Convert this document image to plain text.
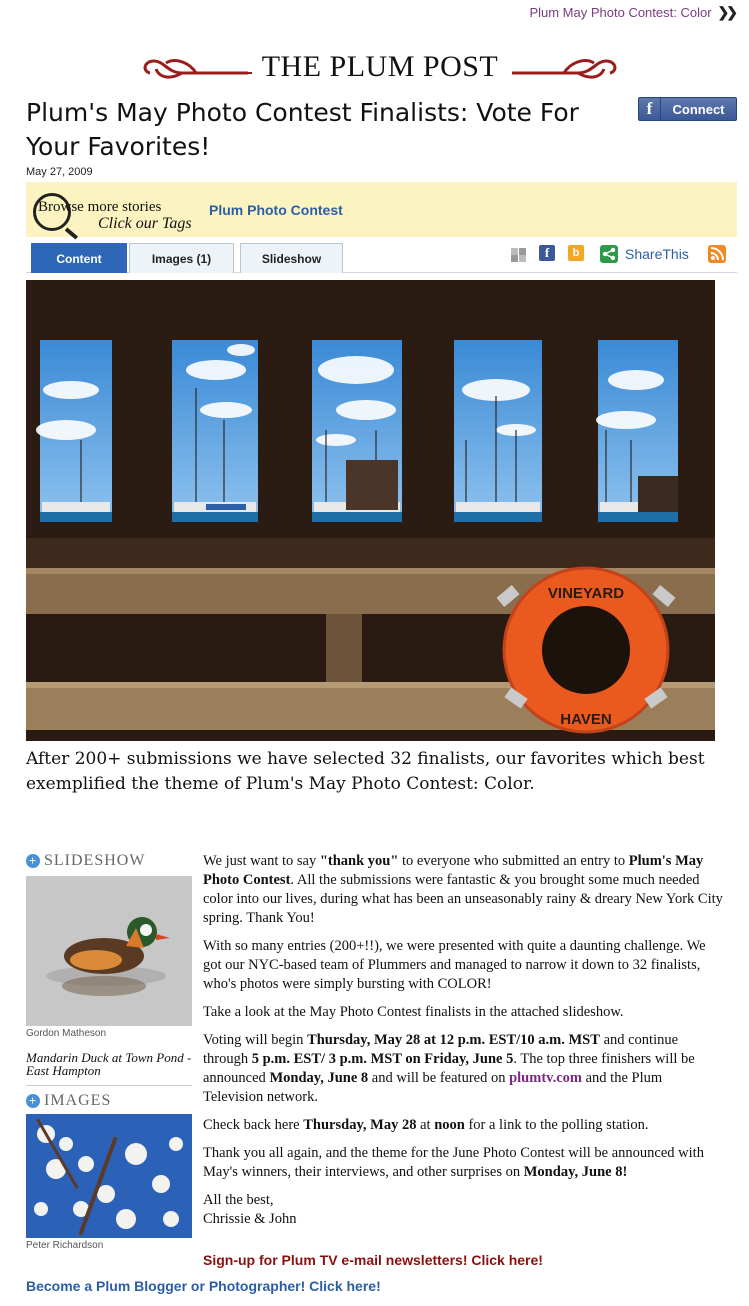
Plum May Photo Contest: Color ❯❯
THE PLUM POST
f	Connect
Plum's May Photo Contest Finalists: Vote For Your Favorites!
May 27, 2009
Browse more stories
Click our Tags
Plum Photo Contest
Content	Images (1)	Slideshow	f	b	ShareThis
VINEYARD
HAVEN

After 200+ submissions we have selected 32 finalists, our favorites which best exemplified the theme of Plum's May Photo Contest: Color.

+ SLIDESHOW
Gordon Matheson
Mandarin Duck at Town Pond - East Hampton
+ IMAGES
Peter Richardson

We just want to say "thank you" to everyone who submitted an entry to Plum's May Photo Contest. All the submissions were fantastic & you brought some much needed color into our lives, during what has been an unseasonably rainy & dreary New York City spring. Thank You!

With so many entries (200+!!), we were presented with quite a daunting challenge. We got our NYC-based team of Plummers and managed to narrow it down to 32 finalists, who's photos were simply bursting with COLOR!

Take a look at the May Photo Contest finalists in the attached slideshow.

Voting will begin Thursday, May 28 at 12 p.m. EST/10 a.m. MST and continue through 5 p.m. EST/ 3 p.m. MST on Friday, June 5. The top three finishers will be announced Monday, June 8 and will be featured on plumtv.com and the Plum Television network.

Check back here Thursday, May 28 at noon for a link to the polling station.

Thank you all again, and the theme for the June Photo Contest will be announced with May's winners, their interviews, and other surprises on Monday, June 8!

All the best,
Chrissie & John

Sign-up for Plum TV e-mail newsletters! Click here!
Become a Plum Blogger or Photographer! Click here!
